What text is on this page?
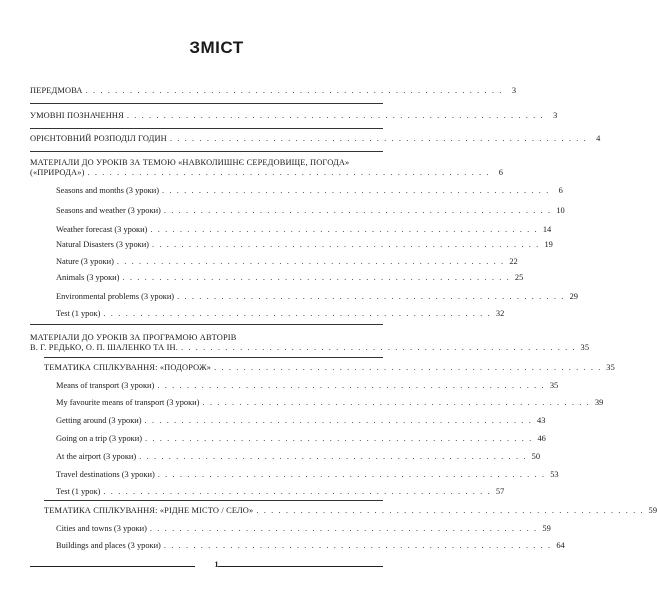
ЗМІСТ
ПЕРЕДМОВА . . . . . . . . . . . . . . . . . . . . . . . . . . . . . . . . . . . . . . . . . . . . . . . . . . . . . . . . .	3
УМОВНІ ПОЗНАЧЕННЯ . . . . . . . . . . . . . . . . . . . . . . . . . . . . . . . . . . . . . . . . . . . . . . . . . . . . . . . . .	3
ОРІЄНТОВНИЙ РОЗПОДІЛ ГОДИН . . . . . . . . . . . . . . . . . . . . . . . . . . . . . . . . . . . . . . . . . . . . . . . . . . . . . . . . .	4
МАТЕРІАЛИ ДО УРОКІВ ЗА ТЕМОЮ «НАВКОЛИШНЄ СЕРЕДОВИЩЕ, ПОГОДА»
(«ПРИРОДА») . . . . . . . . . . . . . . . . . . . . . . . . . . . . . . . . . . . . . . . . . . . . . . . . . . . . . . .	6
Seasons and months (3 уроки) . . . . . . . . . . . . . . . . . . . . . . . . . . . . . . . . . . . . . . . . . . . . . . . . . . . . .	6
Seasons and weather (3 уроки) . . . . . . . . . . . . . . . . . . . . . . . . . . . . . . . . . . . . . . . . . . . . . . . . . . . . . 10
Weather forecast (3 уроки) . . . . . . . . . . . . . . . . . . . . . . . . . . . . . . . . . . . . . . . . . . . . . . . . . . . . . 14
Natural Disasters (3 уроки) . . . . . . . . . . . . . . . . . . . . . . . . . . . . . . . . . . . . . . . . . . . . . . . . . . . . . 19
Nature (3 уроки) . . . . . . . . . . . . . . . . . . . . . . . . . . . . . . . . . . . . . . . . . . . . . . . . . . . . . 22
Animals (3 уроки) . . . . . . . . . . . . . . . . . . . . . . . . . . . . . . . . . . . . . . . . . . . . . . . . . . . . . 25
Environmental problems (3 уроки) . . . . . . . . . . . . . . . . . . . . . . . . . . . . . . . . . . . . . . . . . . . . . . . . . . . . . 29
Test (1 урок) . . . . . . . . . . . . . . . . . . . . . . . . . . . . . . . . . . . . . . . . . . . . . . . . . . . . . 32
МАТЕРІАЛИ ДО УРОКІВ ЗА ПРОГРАМОЮ АВТОРІВ
В. Г. РЕДЬКО, О. П. ШАЛЕНКО ТА ІН. . . . . . . . . . . . . . . . . . . . . . . . . . . . . . . . . . . . . . . . . . . . . . . . . . . . . . . 35
ТЕМАТИКА СПІЛКУВАННЯ: «ПОДОРОЖ» . . . . . . . . . . . . . . . . . . . . . . . . . . . . . . . . . . . . . . . . . . . . . . . . . . . . . 35
Means of transport (3 уроки) . . . . . . . . . . . . . . . . . . . . . . . . . . . . . . . . . . . . . . . . . . . . . . . . . . . . . 35
My favourite means of transport (3 уроки) . . . . . . . . . . . . . . . . . . . . . . . . . . . . . . . . . . . . . . . . . . . . . . . . . . . . . 39
Getting around (3 уроки) . . . . . . . . . . . . . . . . . . . . . . . . . . . . . . . . . . . . . . . . . . . . . . . . . . . . . 43
Going on a trip (3 уроки) . . . . . . . . . . . . . . . . . . . . . . . . . . . . . . . . . . . . . . . . . . . . . . . . . . . . . 46
At the airport (3 уроки) . . . . . . . . . . . . . . . . . . . . . . . . . . . . . . . . . . . . . . . . . . . . . . . . . . . . . 50
Travel destinations (3 уроки) . . . . . . . . . . . . . . . . . . . . . . . . . . . . . . . . . . . . . . . . . . . . . . . . . . . . . 53
Test (1 урок) . . . . . . . . . . . . . . . . . . . . . . . . . . . . . . . . . . . . . . . . . . . . . . . . . . . . . 57
ТЕМАТИКА СПІЛКУВАННЯ: «РІДНЕ МІСТО / СЕЛО» . . . . . . . . . . . . . . . . . . . . . . . . . . . . . . . . . . . . . . . . . . . . . . . . . . . . . 59
Cities and towns (3 уроки) . . . . . . . . . . . . . . . . . . . . . . . . . . . . . . . . . . . . . . . . . . . . . . . . . . . . . 59
Buildings and places (3 уроки) . . . . . . . . . . . . . . . . . . . . . . . . . . . . . . . . . . . . . . . . . . . . . . . . . . . . . 64
1
